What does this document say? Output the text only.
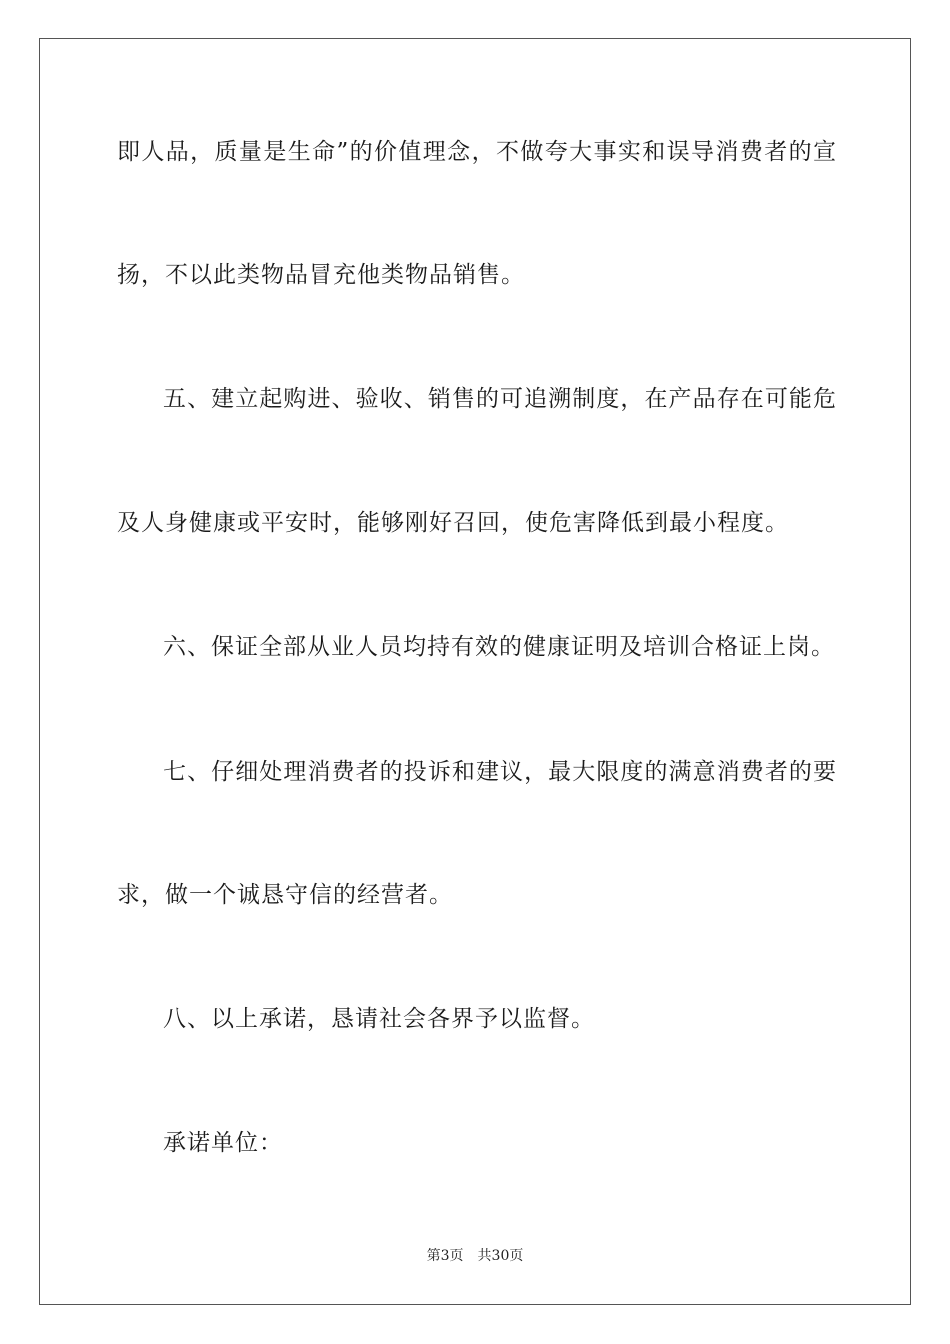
即人品，质量是生命”的价值理念，不做夸大事实和误导消费者的宣
扬，不以此类物品冒充他类物品销售。
五、建立起购进、验收、销售的可追溯制度，在产品存在可能危
及人身健康或平安时，能够刚好召回，使危害降低到最小程度。
六、保证全部从业人员均持有效的健康证明及培训合格证上岗。
七、仔细处理消费者的投诉和建议，最大限度的满意消费者的要
求，做一个诚恳守信的经营者。
八、以上承诺，恳请社会各界予以监督。
承诺单位：
第3页 共30页
